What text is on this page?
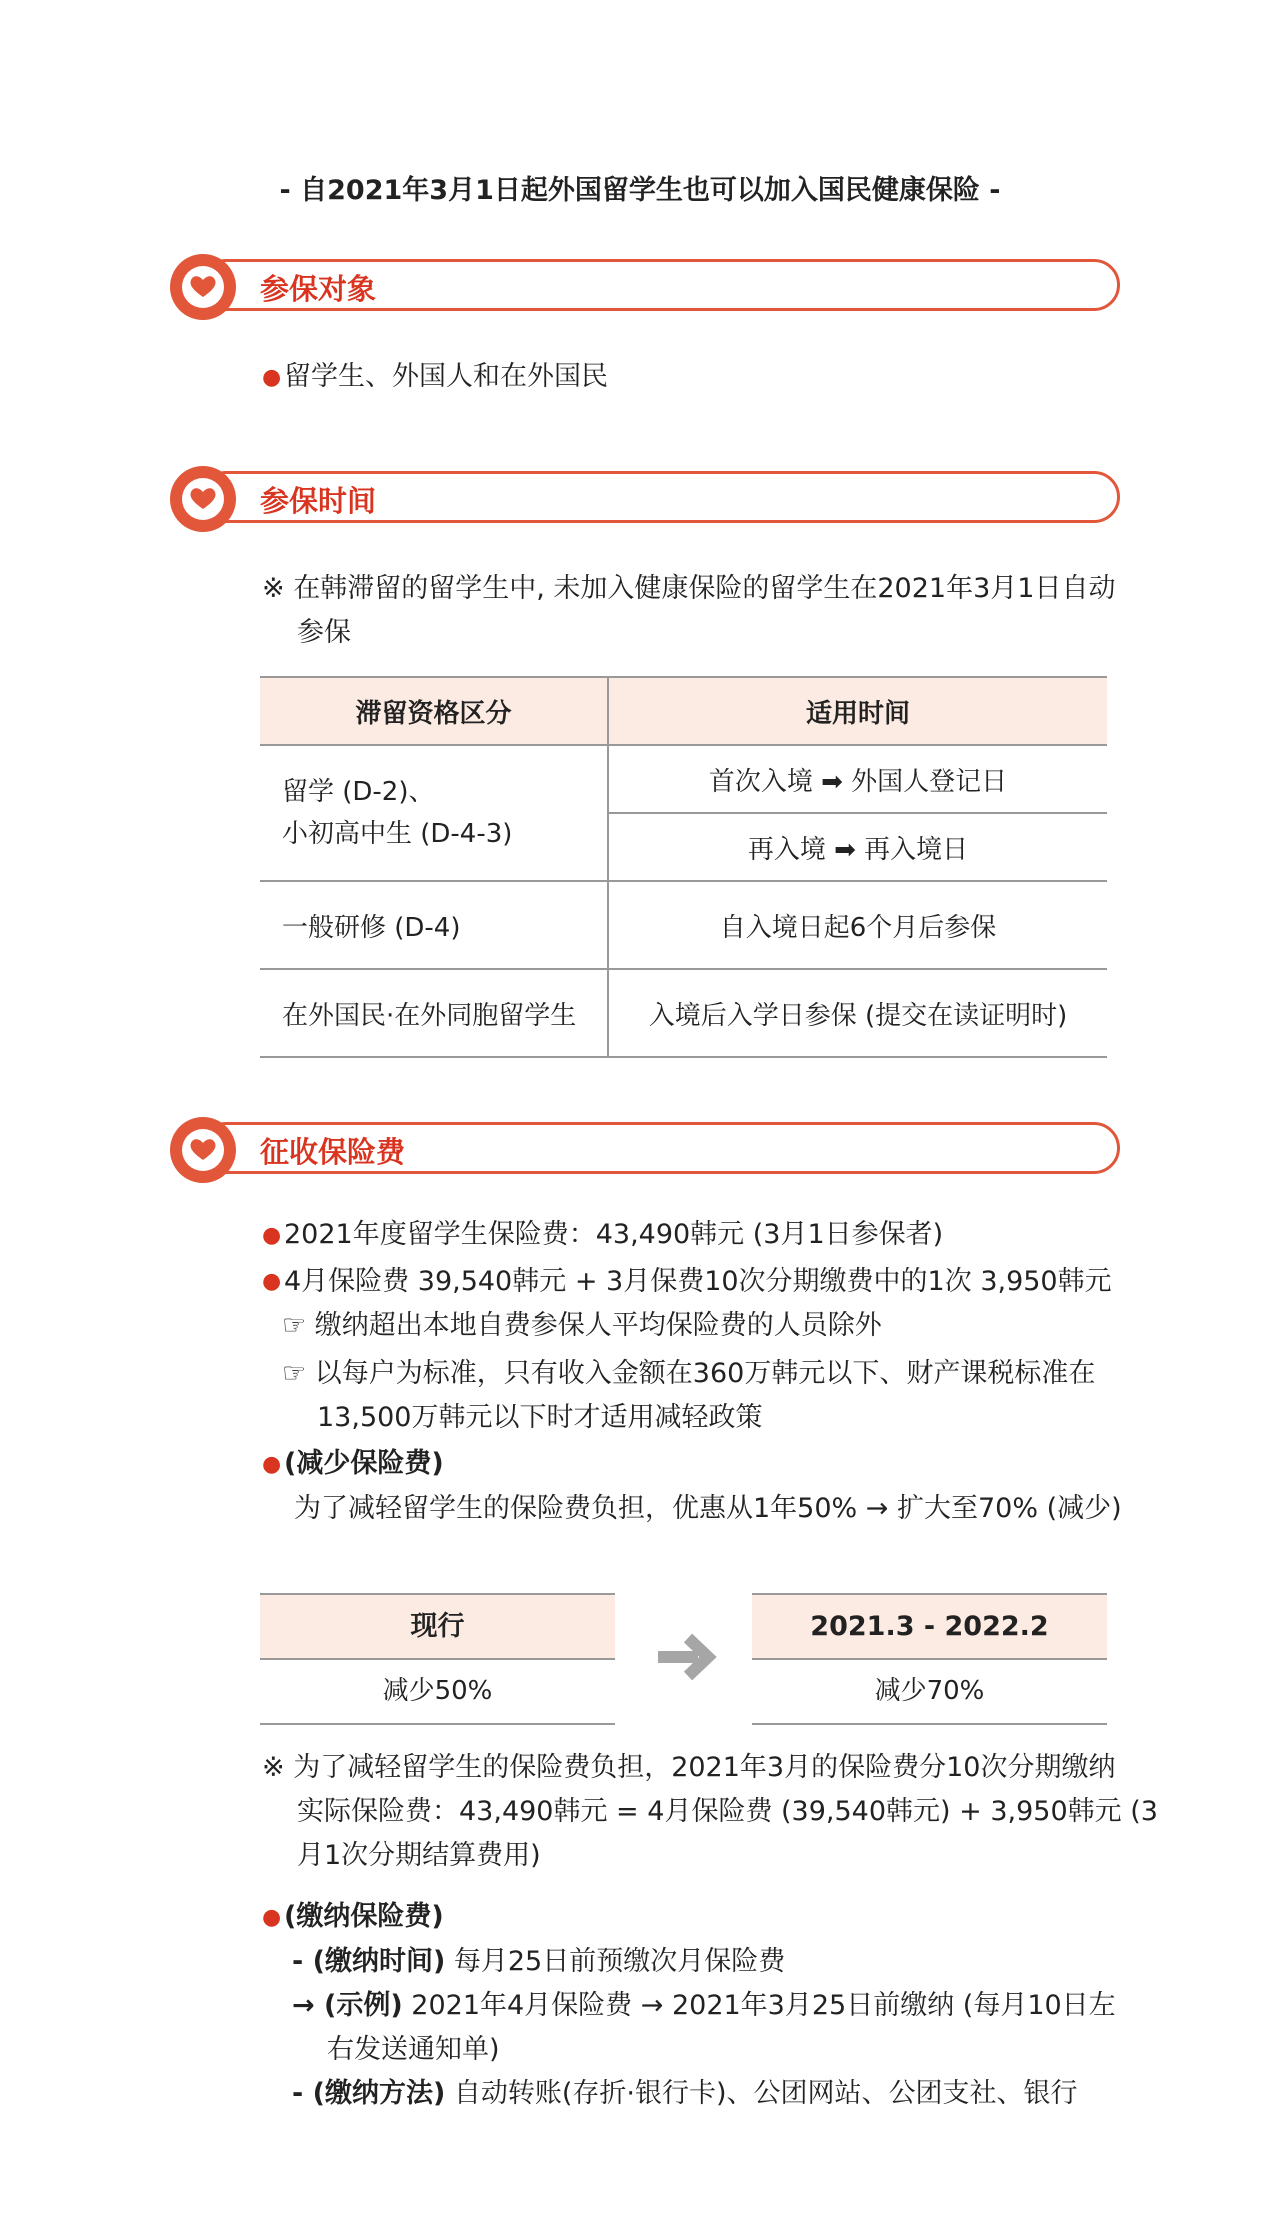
- 自2021年3月1日起外国留学生也可以加入国民健康保险 -
参保对象
● 留学生、外国人和在外国民
参保时间
※ 在韩滞留的留学生中, 未加入健康保险的留学生在2021年3月1日自动
参保
滞留资格区分	适用时间

留学 (D-2)、
小初高中生 (D-4-3)	首次入境 ➡ 外国人登记日
	再入境 ➡ 再入境日
一般研修 (D-4)	自入境日起6个月后参保
在外国民·在外同胞留学生	入境后入学日参保 (提交在读证明时)
征收保险费
● 2021年度留学生保险费：43,490韩元 (3月1日参保者)
● 4月保险费 39,540韩元 + 3月保费10次分期缴费中的1次 3,950韩元
☞ 缴纳超出本地自费参保人平均保险费的人员除外
☞ 以每户为标准，只有收入金额在360万韩元以下、财产课税标准在
13,500万韩元以下时才适用减轻政策
● (减少保险费)
为了减轻留学生的保险费负担，优惠从1年50% → 扩大至70% (减少)
现行
减少50%
2021.3 - 2022.2
减少70%
※ 为了减轻留学生的保险费负担，2021年3月的保险费分10次分期缴纳
实际保险费：43,490韩元 = 4月保险费 (39,540韩元) + 3,950韩元 (3
月1次分期结算费用)
● (缴纳保险费)
- (缴纳时间) 每月25日前预缴次月保险费
→ (示例) 2021年4月保险费 → 2021年3月25日前缴纳 (每月10日左
右发送通知单)
- (缴纳方法) 自动转账(存折·银行卡)、公团网站、公团支社、银行
